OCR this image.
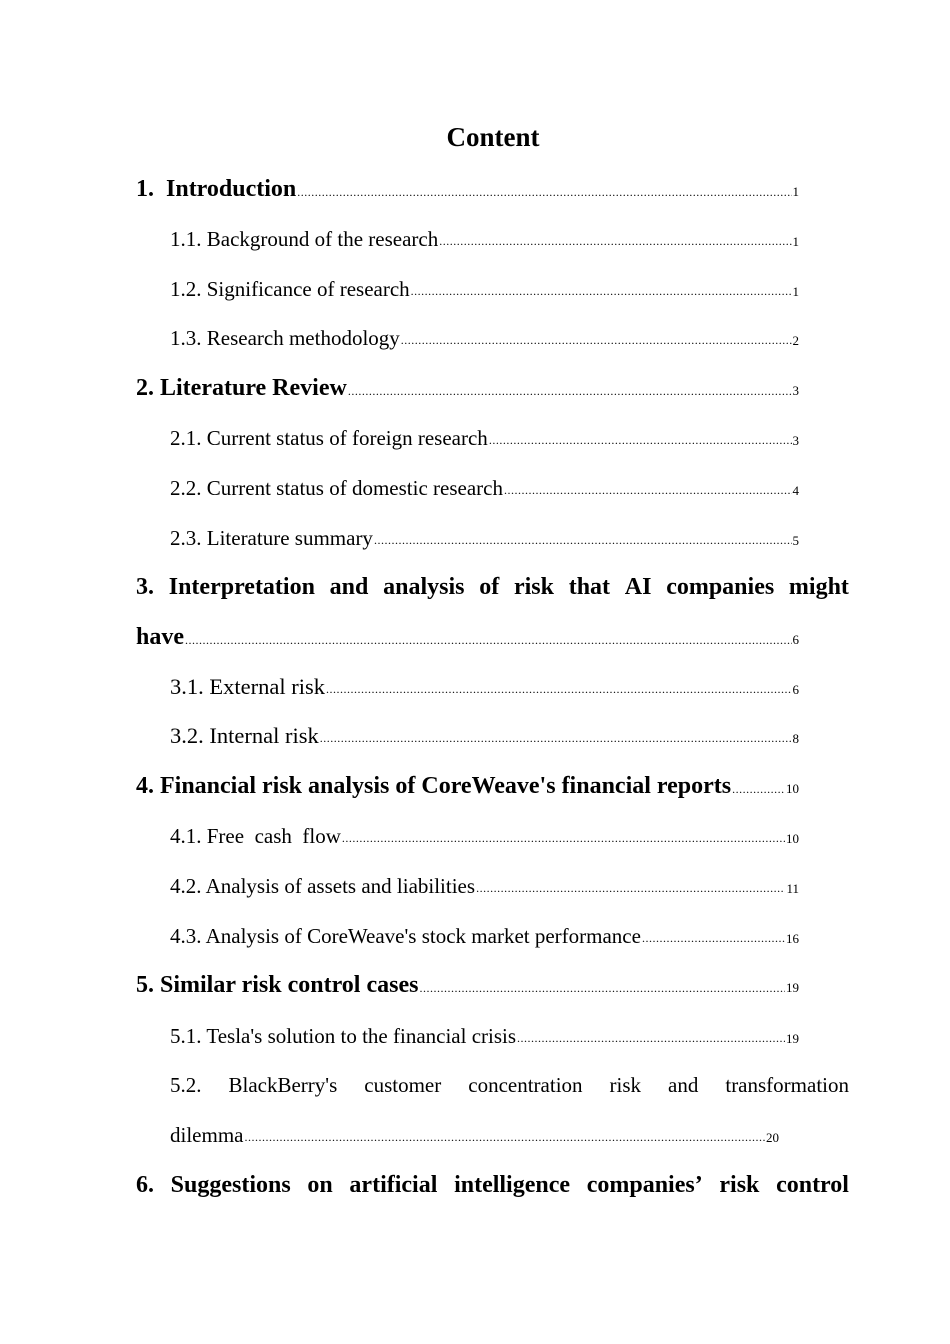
Content
1.  Introduction .....	1
1.1. Background of the research .....	1
1.2. Significance of research .....	1
1.3. Research methodology .....	2
2. Literature Review .....	3
2.1. Current status of foreign research .....	3
2.2. Current status of domestic research .....	4
2.3. Literature summary .....	5
3. Interpretation and analysis of risk that AI companies might
have .....	6
3.1. External risk .....	6
3.2. Internal risk .....	8
4. Financial risk analysis of CoreWeave's financial reports .....	10
4.1. Free  cash  flow .....	10
4.2. Analysis of assets and liabilities .....	11
4.3. Analysis of CoreWeave's stock market performance .....	16
5. Similar risk control cases .....	19
5.1. Tesla's solution to the financial crisis .....	19
5.2. BlackBerry's customer concentration risk and transformation
dilemma .....	20
6. Suggestions on artificial intelligence companies’ risk control
